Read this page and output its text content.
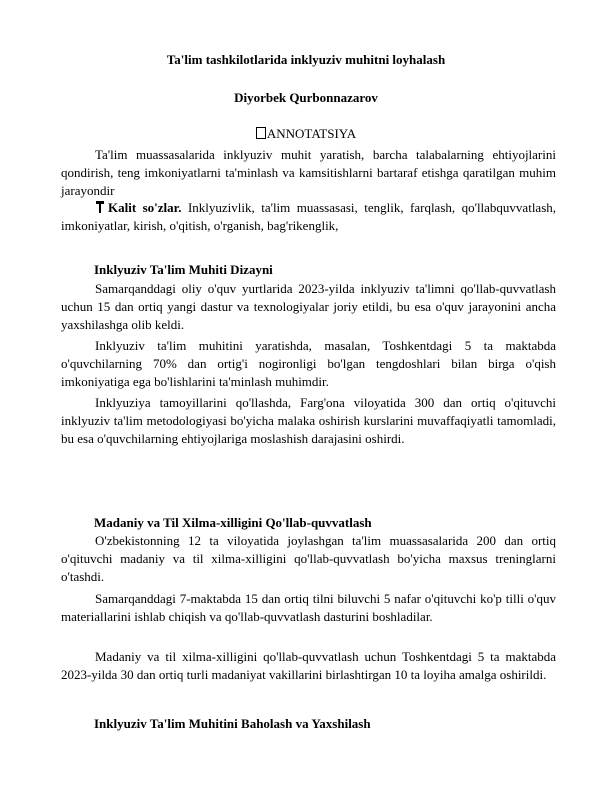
Ta'lim tashkilotlarida inklyuziv muhitni loyhalash
Diyorbek Qurbonnazarov
ANNOTATSIYA
Ta'lim muassasalarida inklyuziv muhit yaratish, barcha talabalarning ehtiyojlarini qondirish, teng imkoniyatlarni ta'minlash va kamsitishlarni bartaraf etishga qaratilgan muhim jarayondir
Kalit so'zlar. Inklyuzivlik, ta'lim muassasasi, tenglik, farqlash, qo'llabquvvatlash, imkoniyatlar, kirish, o'qitish, o'rganish, bag'rikenglik,
Inklyuziv Ta'lim Muhiti Dizayni
Samarqanddagi oliy o'quv yurtlarida 2023-yilda inklyuziv ta'limni qo'llab-quvvatlash uchun 15 dan ortiq yangi dastur va texnologiyalar joriy etildi, bu esa o'quv jarayonini ancha yaxshilashga olib keldi.
Inklyuziv ta'lim muhitini yaratishda, masalan, Toshkentdagi 5 ta maktabda o'quvchilarning 70% dan ortig'i nogironligi bo'lgan tengdoshlari bilan birga o'qish imkoniyatiga ega bo'lishlarini ta'minlash muhimdir.
Inklyuziya tamoyillarini qo'llashda, Farg'ona viloyatida 300 dan ortiq o'qituvchi inklyuziv ta'lim metodologiyasi bo'yicha malaka oshirish kurslarini muvaffaqiyatli tamomladi, bu esa o'quvchilarning ehtiyojlariga moslashish darajasini oshirdi.
Madaniy va Til Xilma-xilligini Qo'llab-quvvatlash
O'zbekistonning 12 ta viloyatida joylashgan ta'lim muassasalarida 200 dan ortiq o'qituvchi madaniy va til xilma-xilligini qo'llab-quvvatlash bo'yicha maxsus treninglarni o'tashdi.
Samarqanddagi 7-maktabda 15 dan ortiq tilni biluvchi 5 nafar o'qituvchi ko'p tilli o'quv materiallarini ishlab chiqish va qo'llab-quvvatlash dasturini boshladilar.
Madaniy va til xilma-xilligini qo'llab-quvvatlash uchun Toshkentdagi 5 ta maktabda 2023-yilda 30 dan ortiq turli madaniyat vakillarini birlashtirgan 10 ta loyiha amalga oshirildi.
Inklyuziv Ta'lim Muhitini Baholash va Yaxshilash
